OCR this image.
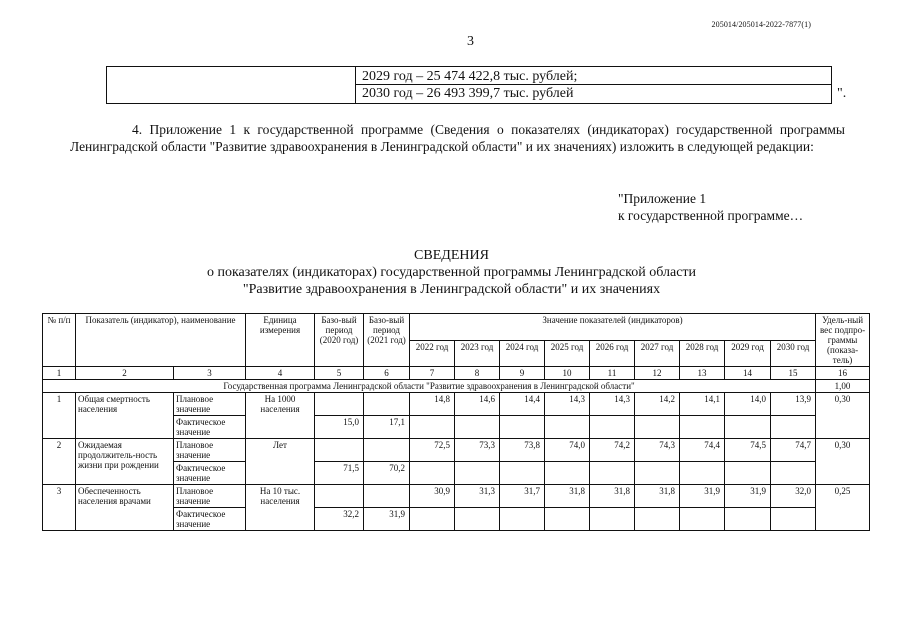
205014/205014-2022-7877(1)
3
2029 год – 25 474 422,8 тыс. рублей;
2030 год – 26 493 399,7 тыс. рублей	".
4. Приложение 1 к государственной программе (Сведения о показателях (индикаторах) государственной программы Ленинградской области "Развитие здравоохранения в Ленинградской области" и их значениях) изложить в следующей редакции:
"Приложение 1
к государственной программе…
СВЕДЕНИЯ
о показателях (индикаторах) государственной программы Ленинградской области
"Развитие здравоохранения в Ленинградской области" и их значениях
№ п/п	Показатель (индикатор), наименование		Единица измерения	Базо-вый период (2020 год)	Базо-вый период (2021 год)	Значение показателей (индикаторов)									Удель-ный вес подпро-граммы (показа-тель)
						2022 год	2023 год	2024 год	2025 год	2026 год	2027 год	2028 год	2029 год	2030 год	
1	2	3	4	5	6	7	8	9	10	11	12	13	14	15	16
Государственная программа Ленинградской области "Развитие здравоохранения в Ленинградской области"															1,00
1	Общая смертность населения	Плановое значение	На 1000 населения			14,8	14,6	14,4	14,3	14,3	14,2	14,1	14,0	13,9	0,30
		Фактическое значение		15,0	17,1										
2	Ожидаемая продолжитель-ность жизни при рождении	Плановое значение	Лет			72,5	73,3	73,8	74,0	74,2	74,3	74,4	74,5	74,7	0,30
		Фактическое значение		71,5	70,2										
3	Обеспеченность населения врачами	Плановое значение	На 10 тыс. населения			30,9	31,3	31,7	31,8	31,8	31,8	31,9	31,9	32,0	0,25
		Фактическое значение		32,2	31,9										
